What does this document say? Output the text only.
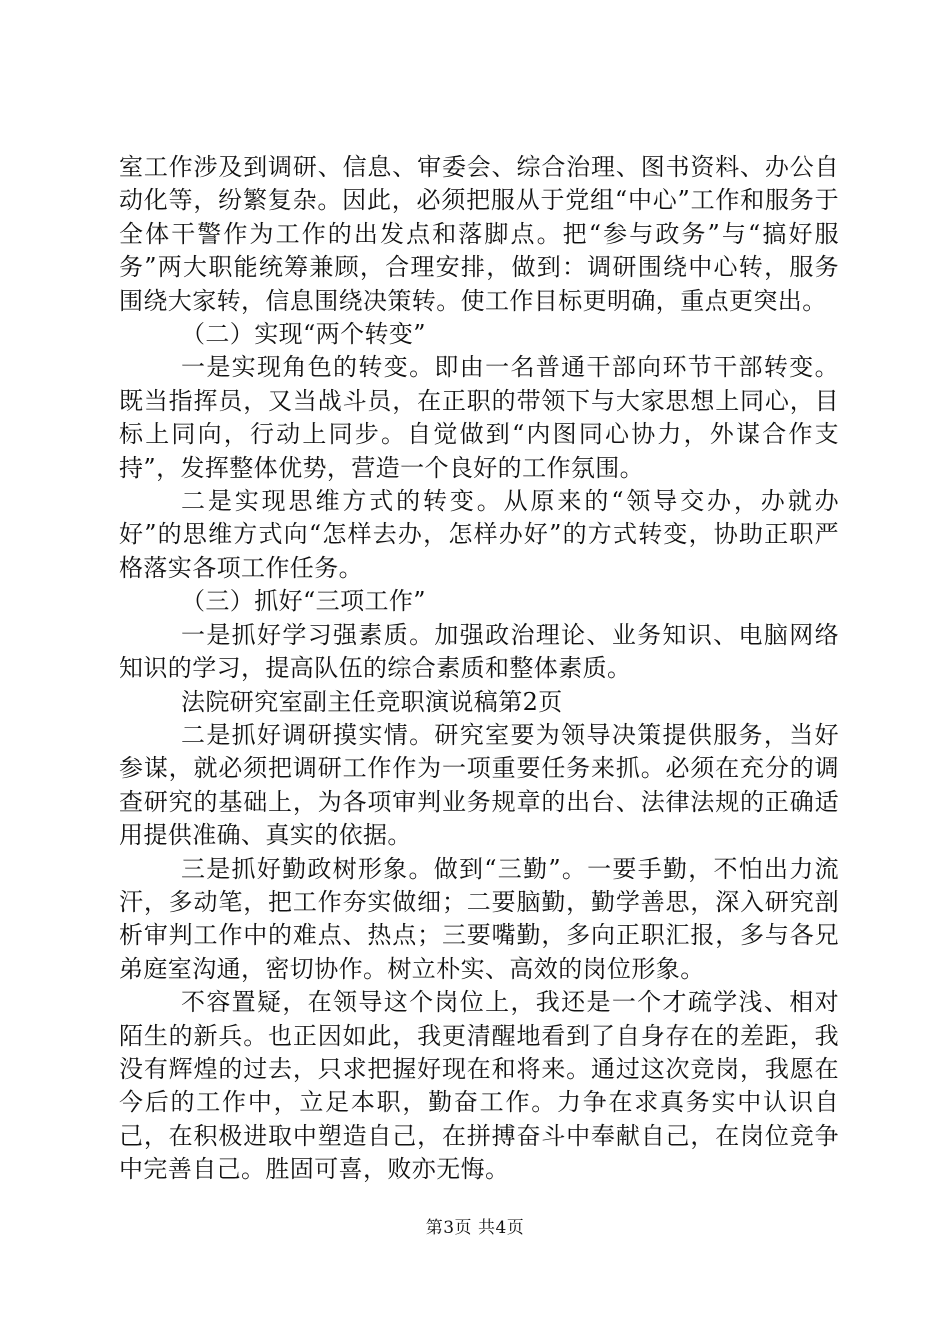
室工作涉及到调研、信息、审委会、综合治理、图书资料、办公自动化等，纷繁复杂。因此，必须把服从于党组“中心”工作和服务于全体干警作为工作的出发点和落脚点。把“参与政务”与“搞好服务”两大职能统筹兼顾，合理安排，做到：调研围绕中心转，服务围绕大家转，信息围绕决策转。使工作目标更明确，重点更突出。

（二）实现“两个转变”

一是实现角色的转变。即由一名普通干部向环节干部转变。既当指挥员，又当战斗员，在正职的带领下与大家思想上同心，目标上同向，行动上同步。自觉做到“内图同心协力，外谋合作支持”，发挥整体优势，营造一个良好的工作氛围。

二是实现思维方式的转变。从原来的“领导交办，办就办好”的思维方式向“怎样去办，怎样办好”的方式转变，协助正职严格落实各项工作任务。

（三）抓好“三项工作”

一是抓好学习强素质。加强政治理论、业务知识、电脑网络知识的学习，提高队伍的综合素质和整体素质。

法院研究室副主任竞职演说稿第2页

二是抓好调研摸实情。研究室要为领导决策提供服务，当好参谋，就必须把调研工作作为一项重要任务来抓。必须在充分的调查研究的基础上，为各项审判业务规章的出台、法律法规的正确适用提供准确、真实的依据。

三是抓好勤政树形象。做到“三勤”。一要手勤，不怕出力流汗，多动笔，把工作夯实做细；二要脑勤，勤学善思，深入研究剖析审判工作中的难点、热点；三要嘴勤，多向正职汇报，多与各兄弟庭室沟通，密切协作。树立朴实、高效的岗位形象。

不容置疑，在领导这个岗位上，我还是一个才疏学浅、相对陌生的新兵。也正因如此，我更清醒地看到了自身存在的差距，我没有辉煌的过去，只求把握好现在和将来。通过这次竞岗，我愿在今后的工作中，立足本职，勤奋工作。力争在求真务实中认识自己，在积极进取中塑造自己，在拼搏奋斗中奉献自己，在岗位竞争中完善自己。胜固可喜，败亦无悔。

第3页 共4页
